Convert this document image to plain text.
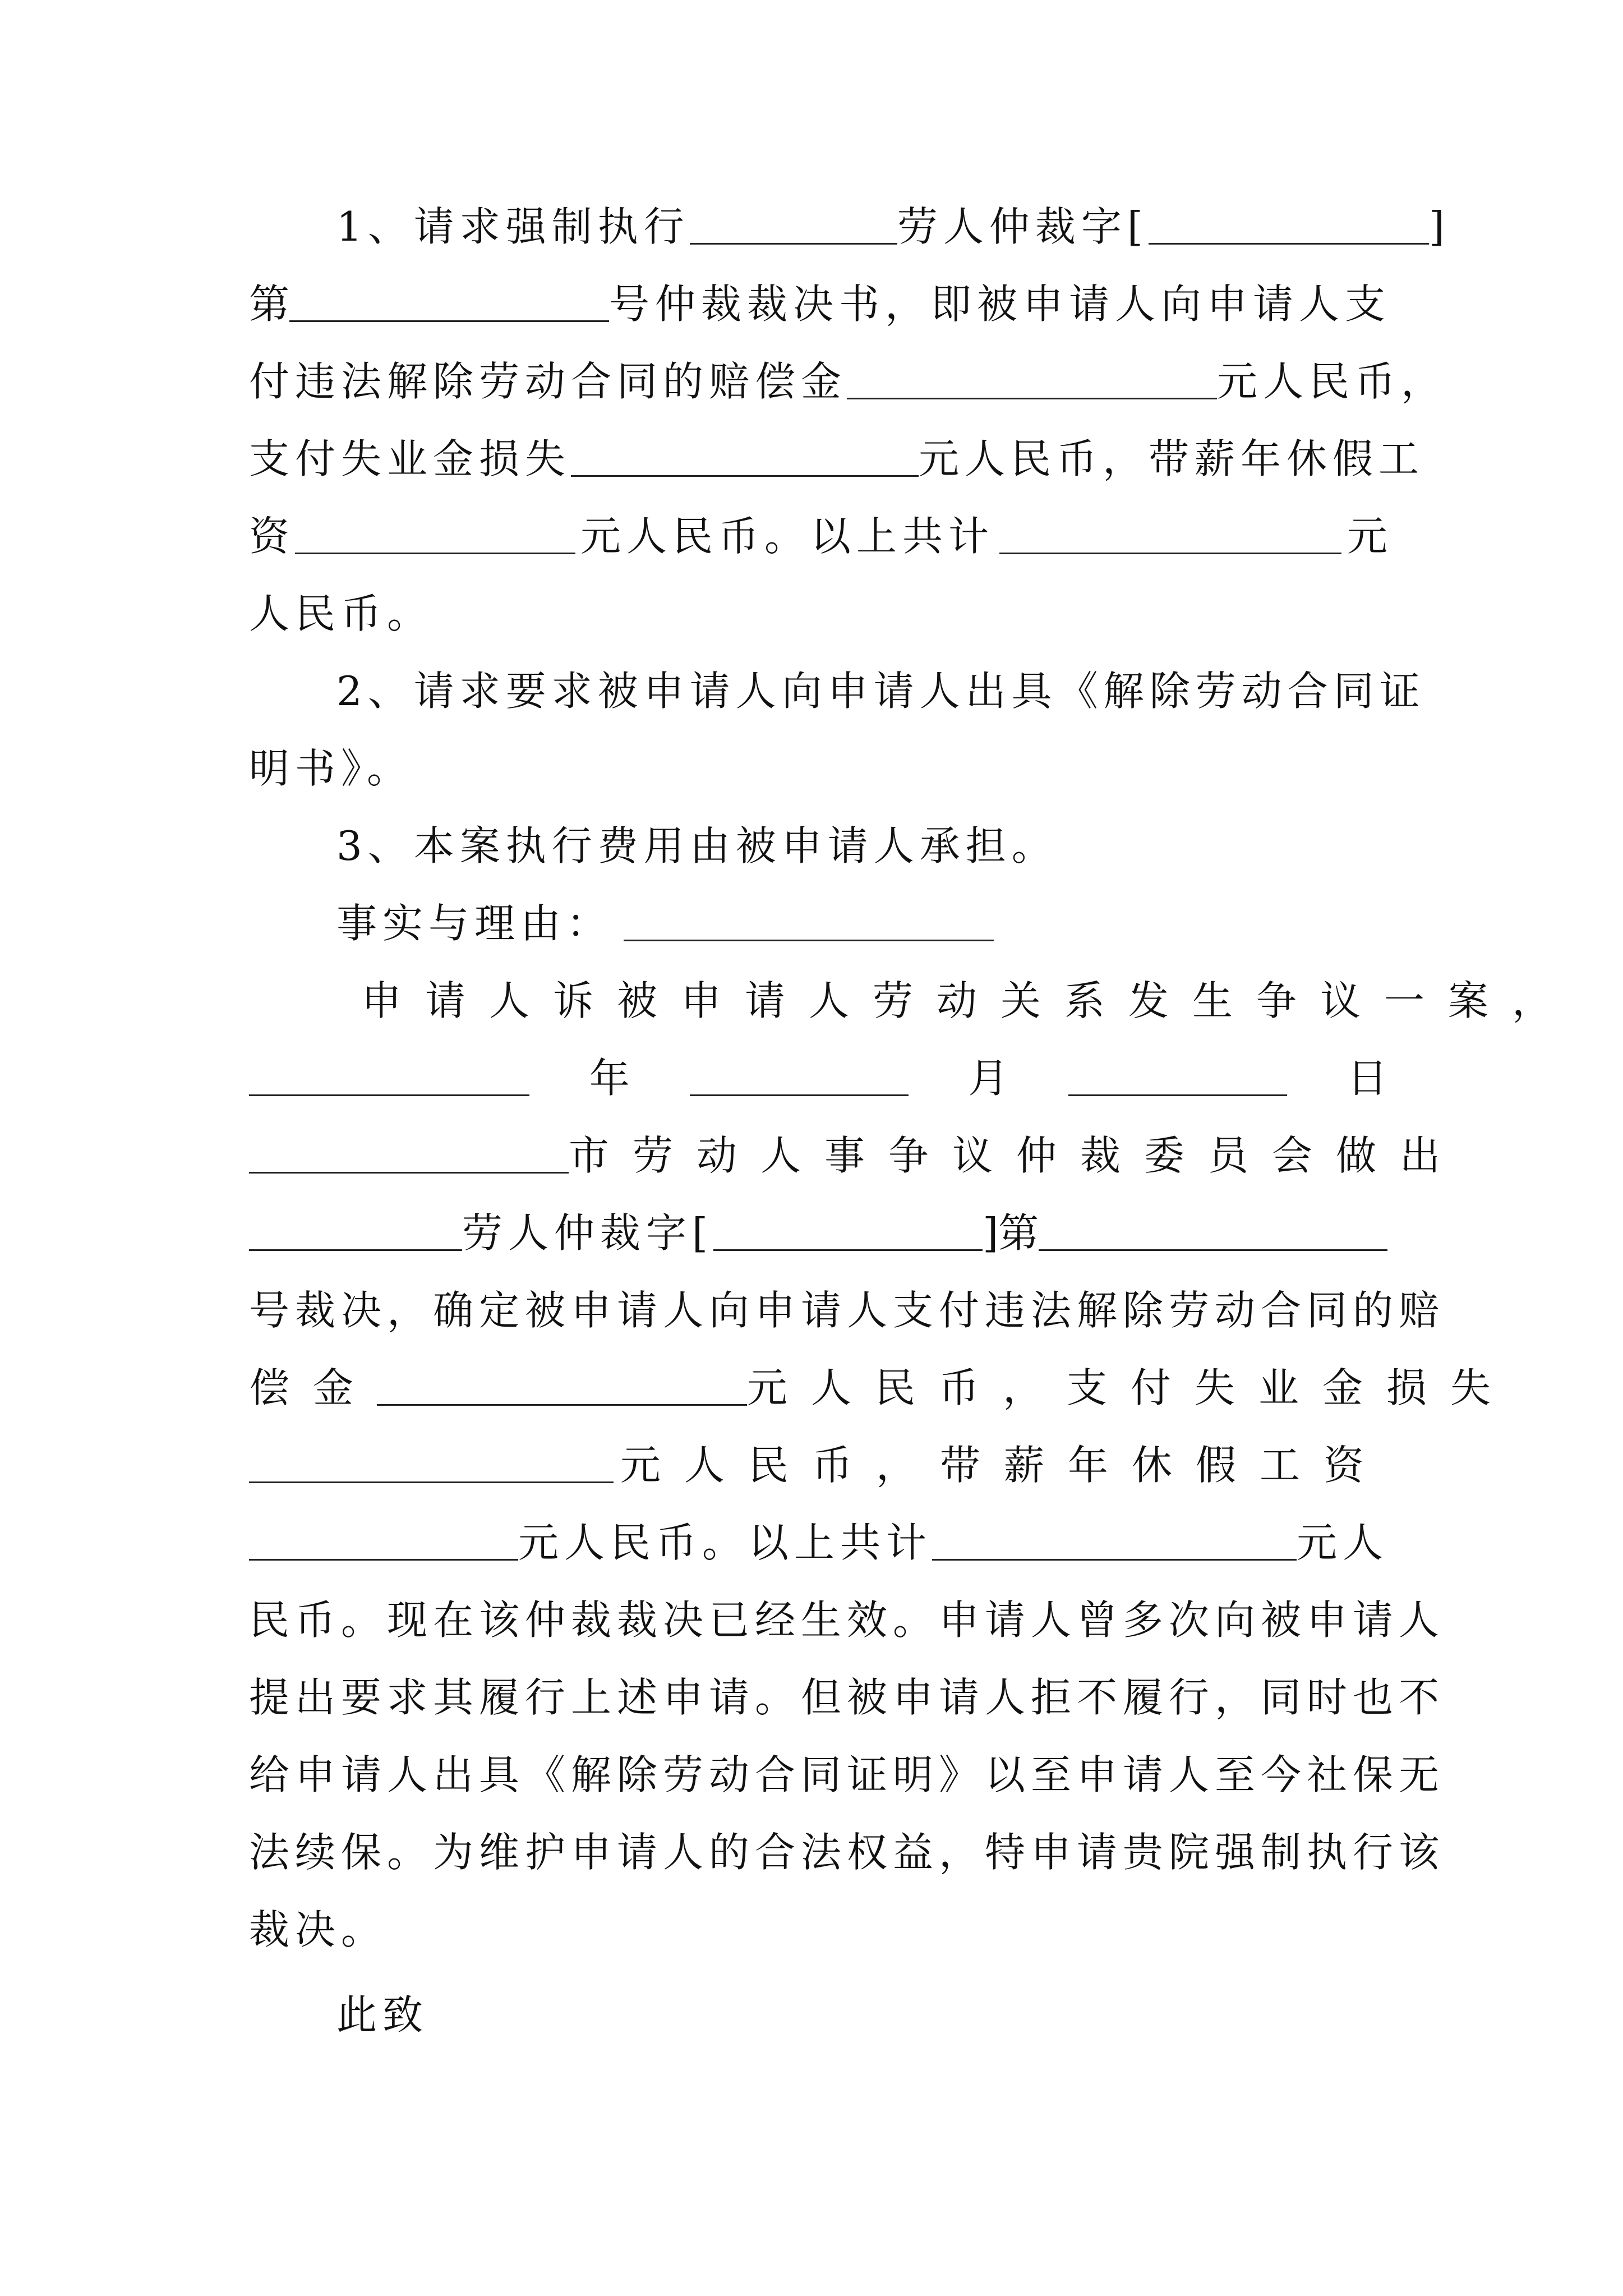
1、请求强制执行	劳人仲裁字[	]
第	号仲裁裁决书，即被申请人向申请人支
付违法解除劳动合同的赔偿金	元人民币，
支付失业金损失	元人民币，带薪年休假工
资	元人民币。以上共计	元
人民币。
2、请求要求被申请人向申请人出具《解除劳动合同证
明书》。
3、本案执行费用由被申请人承担。
事实与理由：
申请人诉被申请人劳动关系发生争议一案，
年	月	日
市劳动人事争议仲裁委员会做出
劳人仲裁字[	]第
号裁决，确定被申请人向申请人支付违法解除劳动合同的赔
偿金	元人民币，支付失业金损失
元人民币，带薪年休假工资
元人民币。以上共计	元人
民币。现在该仲裁裁决已经生效。申请人曾多次向被申请人
提出要求其履行上述申请。但被申请人拒不履行，同时也不
给申请人出具《解除劳动合同证明》以至申请人至今社保无
法续保。为维护申请人的合法权益，特申请贵院强制执行该
裁决。
此致
